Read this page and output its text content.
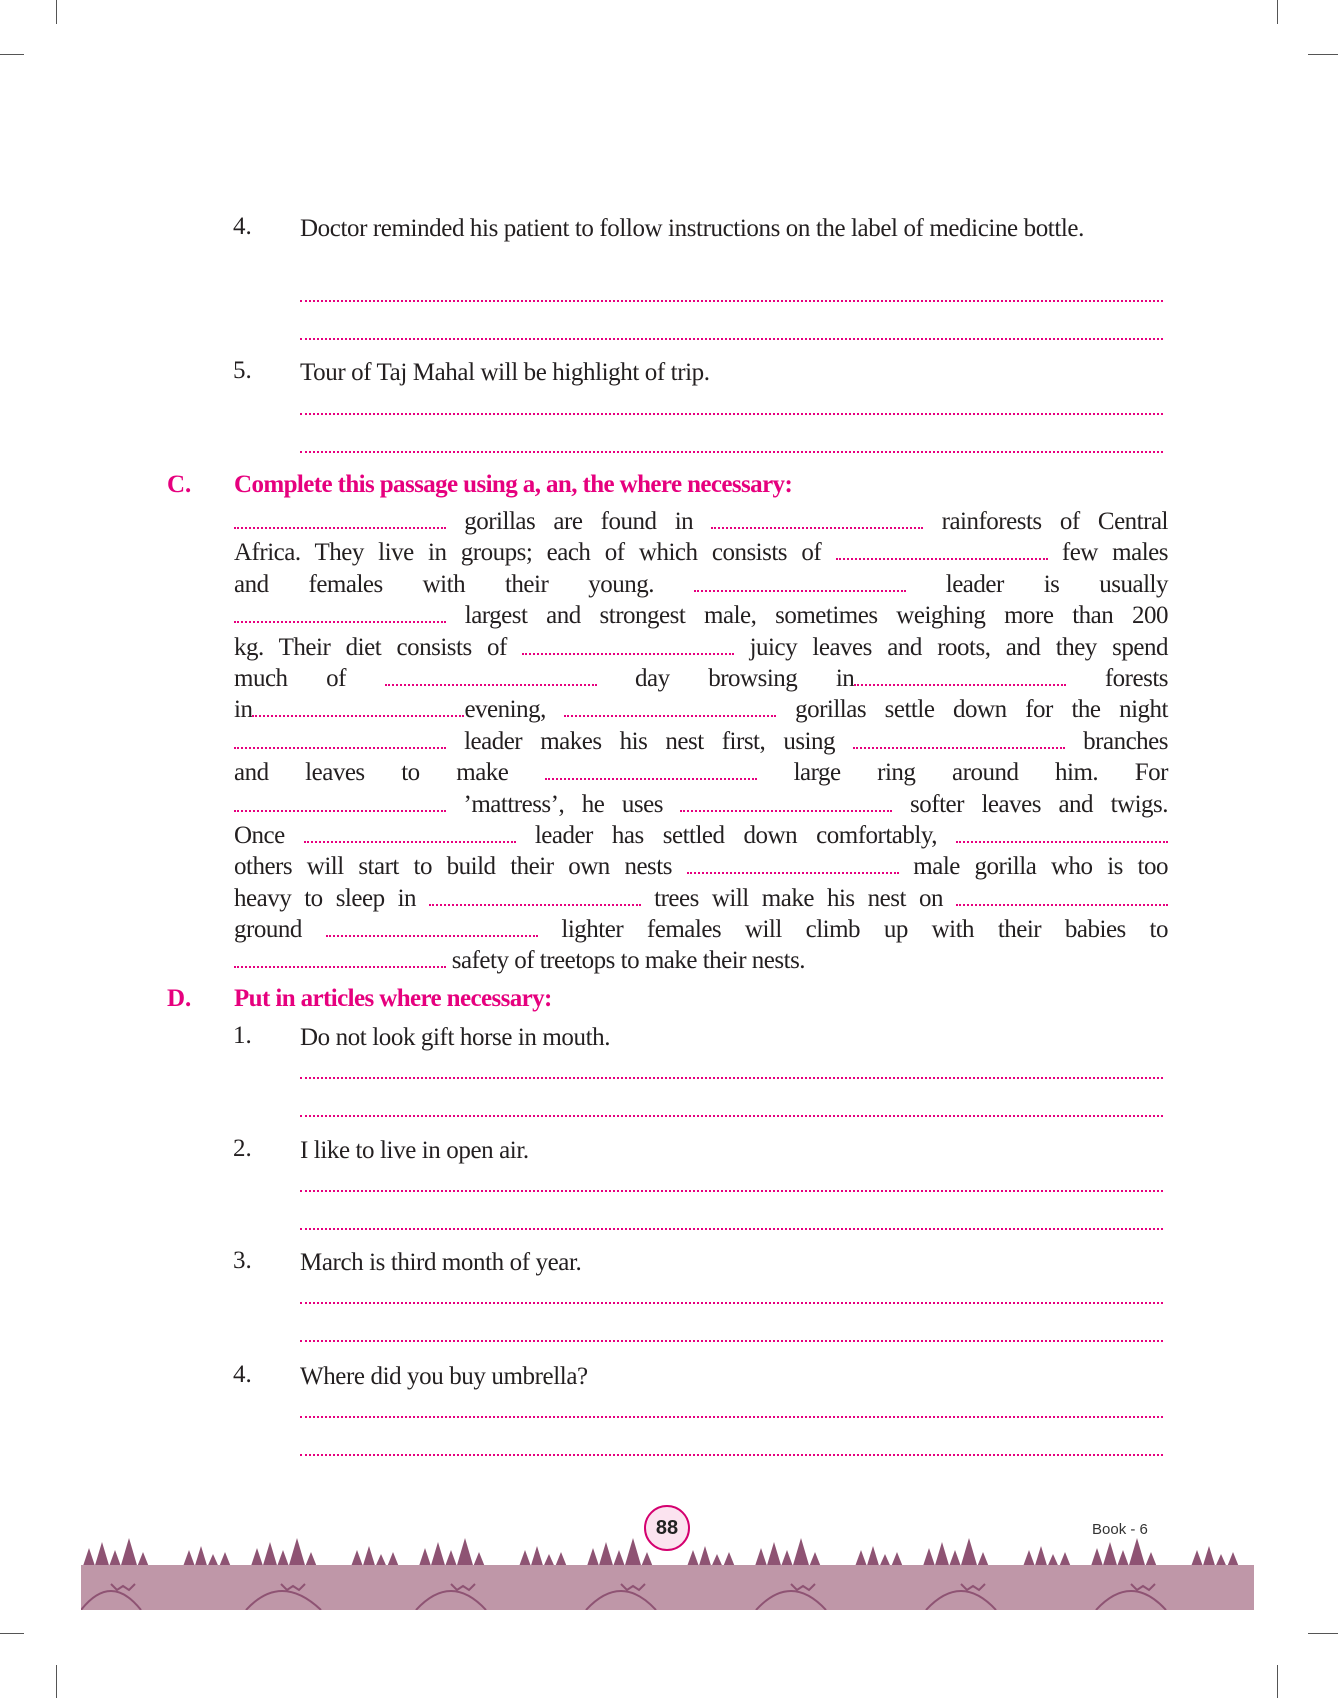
4. Doctor reminded his patient to follow instructions on the label of medicine bottle.
5. Tour of Taj Mahal will be highlight of trip.
C. Complete this passage using a, an, the where necessary:
gorillas are found in	rainforests of Central
Africa. They live in groups; each of which consists of	few males
and females with their young.	leader is usually
largest and strongest male, sometimes weighing more than 200
kg. Their diet consists of	juicy leaves and roots, and they spend
much of	day browsing in	forests
in	evening,	gorillas settle down for the night
leader makes his nest first, using	branches
and leaves to make	large ring around him. For
’mattress’, he uses	softer leaves and twigs.
Once	leader has settled down comfortably,
others will start to build their own nests	male gorilla who is too
heavy to sleep in	trees will make his nest on
ground	lighter females will climb up with their babies to
safety of treetops to make their nests.
D. Put in articles where necessary:
1. Do not look gift horse in mouth.
2. I like to live in open air.
3. March is third month of year.
4. Where did you buy umbrella?
88	Book - 6
